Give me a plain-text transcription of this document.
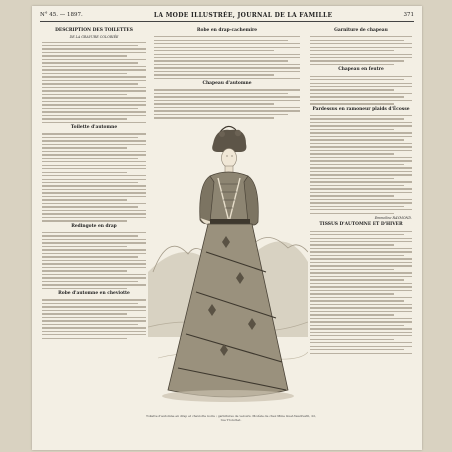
N° 45. — 1897.	LA MODE ILLUSTRÉE, JOURNAL DE LA FAMILLE	371
DESCRIPTION DES TOILETTES
DE LA GRAVURE COLORIÉE
Toilette d'automne
Redingote en drap
Robe d'automne en cheviotte
Robe en drap-cachemire
Chapeau d'automne
Garniture de chapeau
Chapeau en feutre
Pardessus en ramoneur plaids d'Écosse
Emmeline RAYMOND.
TISSUS D'AUTOMNE ET D'HIVER
Toilette d'automne en drap et cheviotte noire ; garnitures de velours. Modèle de chez Mme Guet-Vaudrevill, 22, rue Tronchet.
